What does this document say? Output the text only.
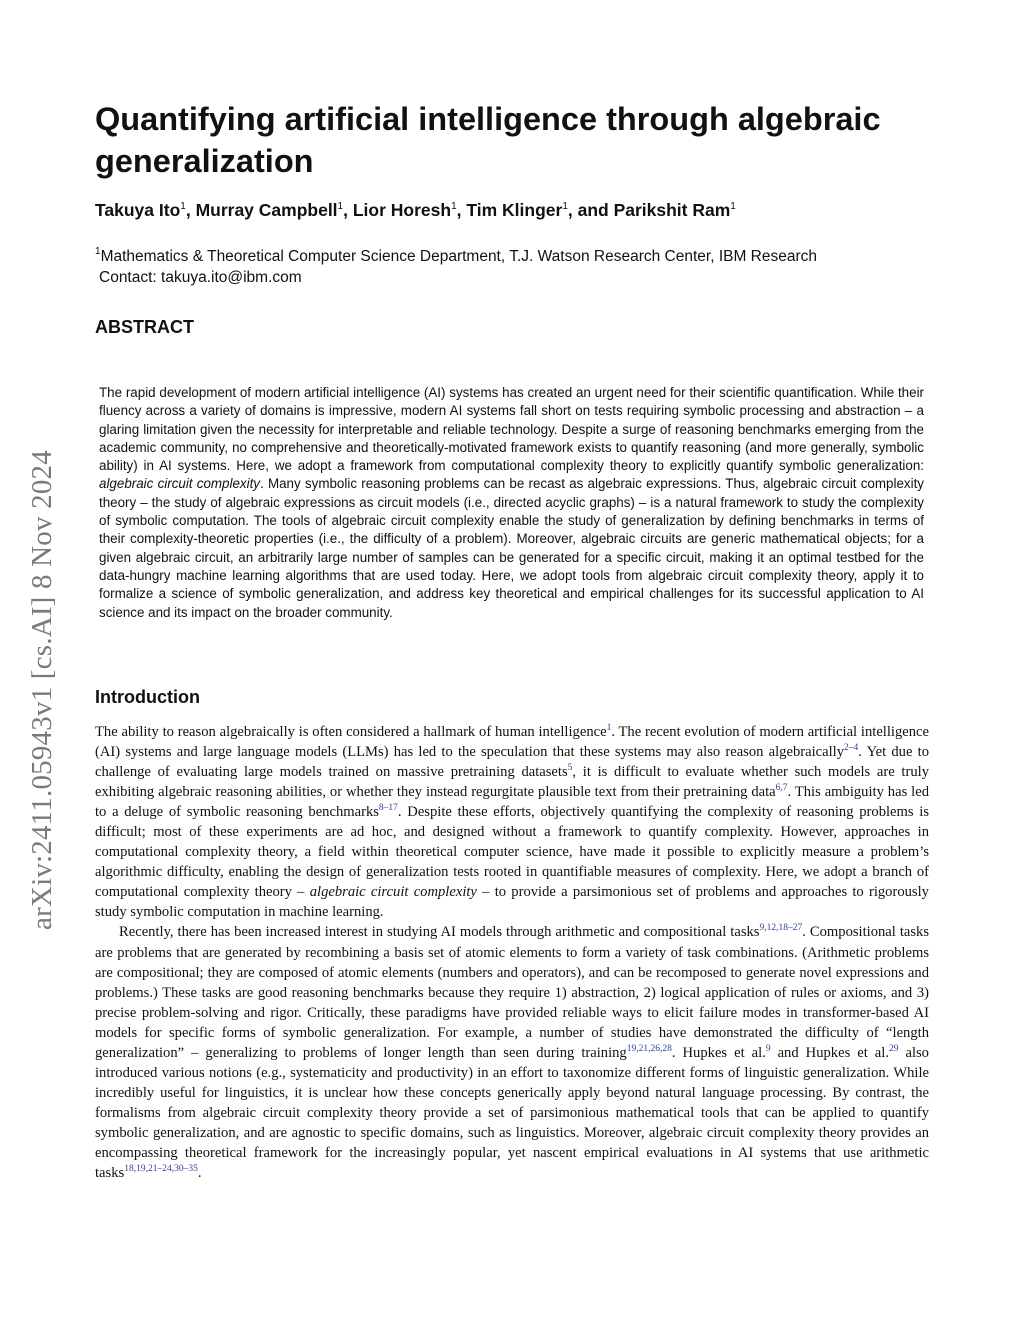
arXiv:2411.05943v1 [cs.AI] 8 Nov 2024
Quantifying artificial intelligence through algebraic generalization
Takuya Ito$^1$, Murray Campbell$^1$, Lior Horesh$^1$, Tim Klinger$^1$, and Parikshit Ram$^1$
$^1$Mathematics & Theoretical Computer Science Department, T.J. Watson Research Center, IBM Research
Contact: takuya.ito@ibm.com
ABSTRACT

The rapid development of modern artificial intelligence (AI) systems has created an urgent need for their scientific quantification. While their fluency across a variety of domains is impressive, modern AI systems fall short on tests requiring symbolic processing and abstraction – a glaring limitation given the necessity for interpretable and reliable technology. Despite a surge of reasoning benchmarks emerging from the academic community, no comprehensive and theoretically-motivated framework exists to quantify reasoning (and more generally, symbolic ability) in AI systems. Here, we adopt a framework from computational complexity theory to explicitly quantify symbolic generalization: algebraic circuit complexity. Many symbolic reasoning problems can be recast as algebraic expressions. Thus, algebraic circuit complexity theory – the study of algebraic expressions as circuit models (i.e., directed acyclic graphs) – is a natural framework to study the complexity of symbolic computation. The tools of algebraic circuit complexity enable the study of generalization by defining benchmarks in terms of their complexity-theoretic properties (i.e., the difficulty of a problem). Moreover, algebraic circuits are generic mathematical objects; for a given algebraic circuit, an arbitrarily large number of samples can be generated for a specific circuit, making it an optimal testbed for the data-hungry machine learning algorithms that are used today. Here, we adopt tools from algebraic circuit complexity theory, apply it to formalize a science of symbolic generalization, and address key theoretical and empirical challenges for its successful application to AI science and its impact on the broader community.

Introduction

The ability to reason algebraically is often considered a hallmark of human intelligence$^1$. The recent evolution of modern artificial intelligence (AI) systems and large language models (LLMs) has led to the speculation that these systems may also reason algebraically$^{2-4}$. Yet due to challenge of evaluating large models trained on massive pretraining datasets$^5$, it is difficult to evaluate whether such models are truly exhibiting algebraic reasoning abilities, or whether they instead regurgitate plausible text from their pretraining data$^{6,7}$. This ambiguity has led to a deluge of symbolic reasoning benchmarks$^{8-17}$. Despite these efforts, objectively quantifying the complexity of reasoning problems is difficult; most of these experiments are ad hoc, and designed without a framework to quantify complexity. However, approaches in computational complexity theory, a field within theoretical computer science, have made it possible to explicitly measure a problem’s algorithmic difficulty, enabling the design of generalization tests rooted in quantifiable measures of complexity. Here, we adopt a branch of computational complexity theory – algebraic circuit complexity – to provide a parsimonious set of problems and approaches to rigorously study symbolic computation in machine learning.

Recently, there has been increased interest in studying AI models through arithmetic and compositional tasks$^{9,12,18-27}$. Compositional tasks are problems that are generated by recombining a basis set of atomic elements to form a variety of task combinations. (Arithmetic problems are compositional; they are composed of atomic elements (numbers and operators), and can be recomposed to generate novel expressions and problems.) These tasks are good reasoning benchmarks because they require 1) abstraction, 2) logical application of rules or axioms, and 3) precise problem-solving and rigor. Critically, these paradigms have provided reliable ways to elicit failure modes in transformer-based AI models for specific forms of symbolic generalization. For example, a number of studies have demonstrated the difficulty of “length generalization” – generalizing to problems of longer length than seen during training$^{19,21,26,28}$. Hupkes et al.$^9$ and Hupkes et al.$^{29}$ also introduced various notions (e.g., systematicity and productivity) in an effort to taxonomize different forms of linguistic generalization. While incredibly useful for linguistics, it is unclear how these concepts generically apply beyond natural language processing. By contrast, the formalisms from algebraic circuit complexity theory provide a set of parsimonious mathematical tools that can be applied to quantify symbolic generalization, and are agnostic to specific domains, such as linguistics. Moreover, algebraic circuit complexity theory provides an encompassing theoretical framework for the increasingly popular, yet nascent empirical evaluations in AI systems that use arithmetic tasks$^{18,19,21-24,30-35}$.
